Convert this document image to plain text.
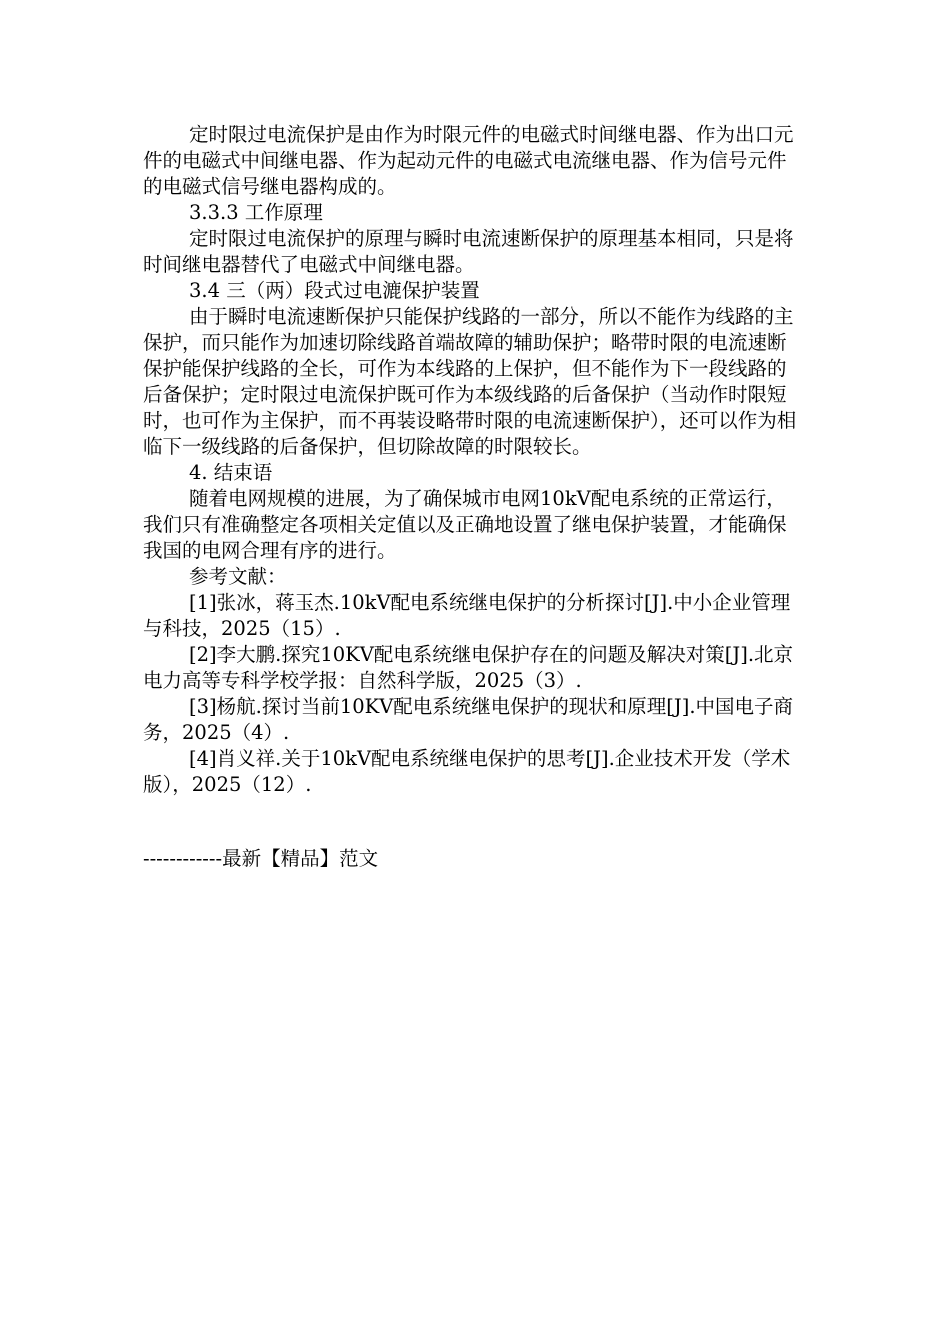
定时限过电流保护是由作为时限元件的电磁式时间继电器、作为出口元件的电磁式中间继电器、作为起动元件的电磁式电流继电器、作为信号元件的电磁式信号继电器构成的。

3.3.3 工作原理

定时限过电流保护的原理与瞬时电流速断保护的原理基本相同，只是将时间继电器替代了电磁式中间继电器。

3.4 三（两）段式过电漉保护装置

由于瞬时电流速断保护只能保护线路的一部分，所以不能作为线路的主保护，而只能作为加速切除线路首端故障的辅助保护；略带时限的电流速断保护能保护线路的全长，可作为本线路的上保护，但不能作为下一段线路的后备保护；定时限过电流保护既可作为本级线路的后备保护（当动作时限短时，也可作为主保护，而不再装设略带时限的电流速断保护），还可以作为相临下一级线路的后备保护，但切除故障的时限较长。

4. 结束语

随着电网规模的进展，为了确保城市电网10kV配电系统的正常运行，我们只有准确整定各项相关定值以及正确地设置了继电保护装置，才能确保我国的电网合理有序的进行。

参考文献：

[1]张冰，蒋玉杰.10kV配电系统继电保护的分析探讨[J].中小企业管理与科技，2025（15）.

[2]李大鹏.探究10KV配电系统继电保护存在的问题及解决对策[J].北京电力高等专科学校学报：自然科学版，2025（3）.

[3]杨航.探讨当前10KV配电系统继电保护的现状和原理[J].中国电子商务，2025（4）.

[4]肖义祥.关于10kV配电系统继电保护的思考[J].企业技术开发（学术版），2025（12）.

------------最新【精品】范文
